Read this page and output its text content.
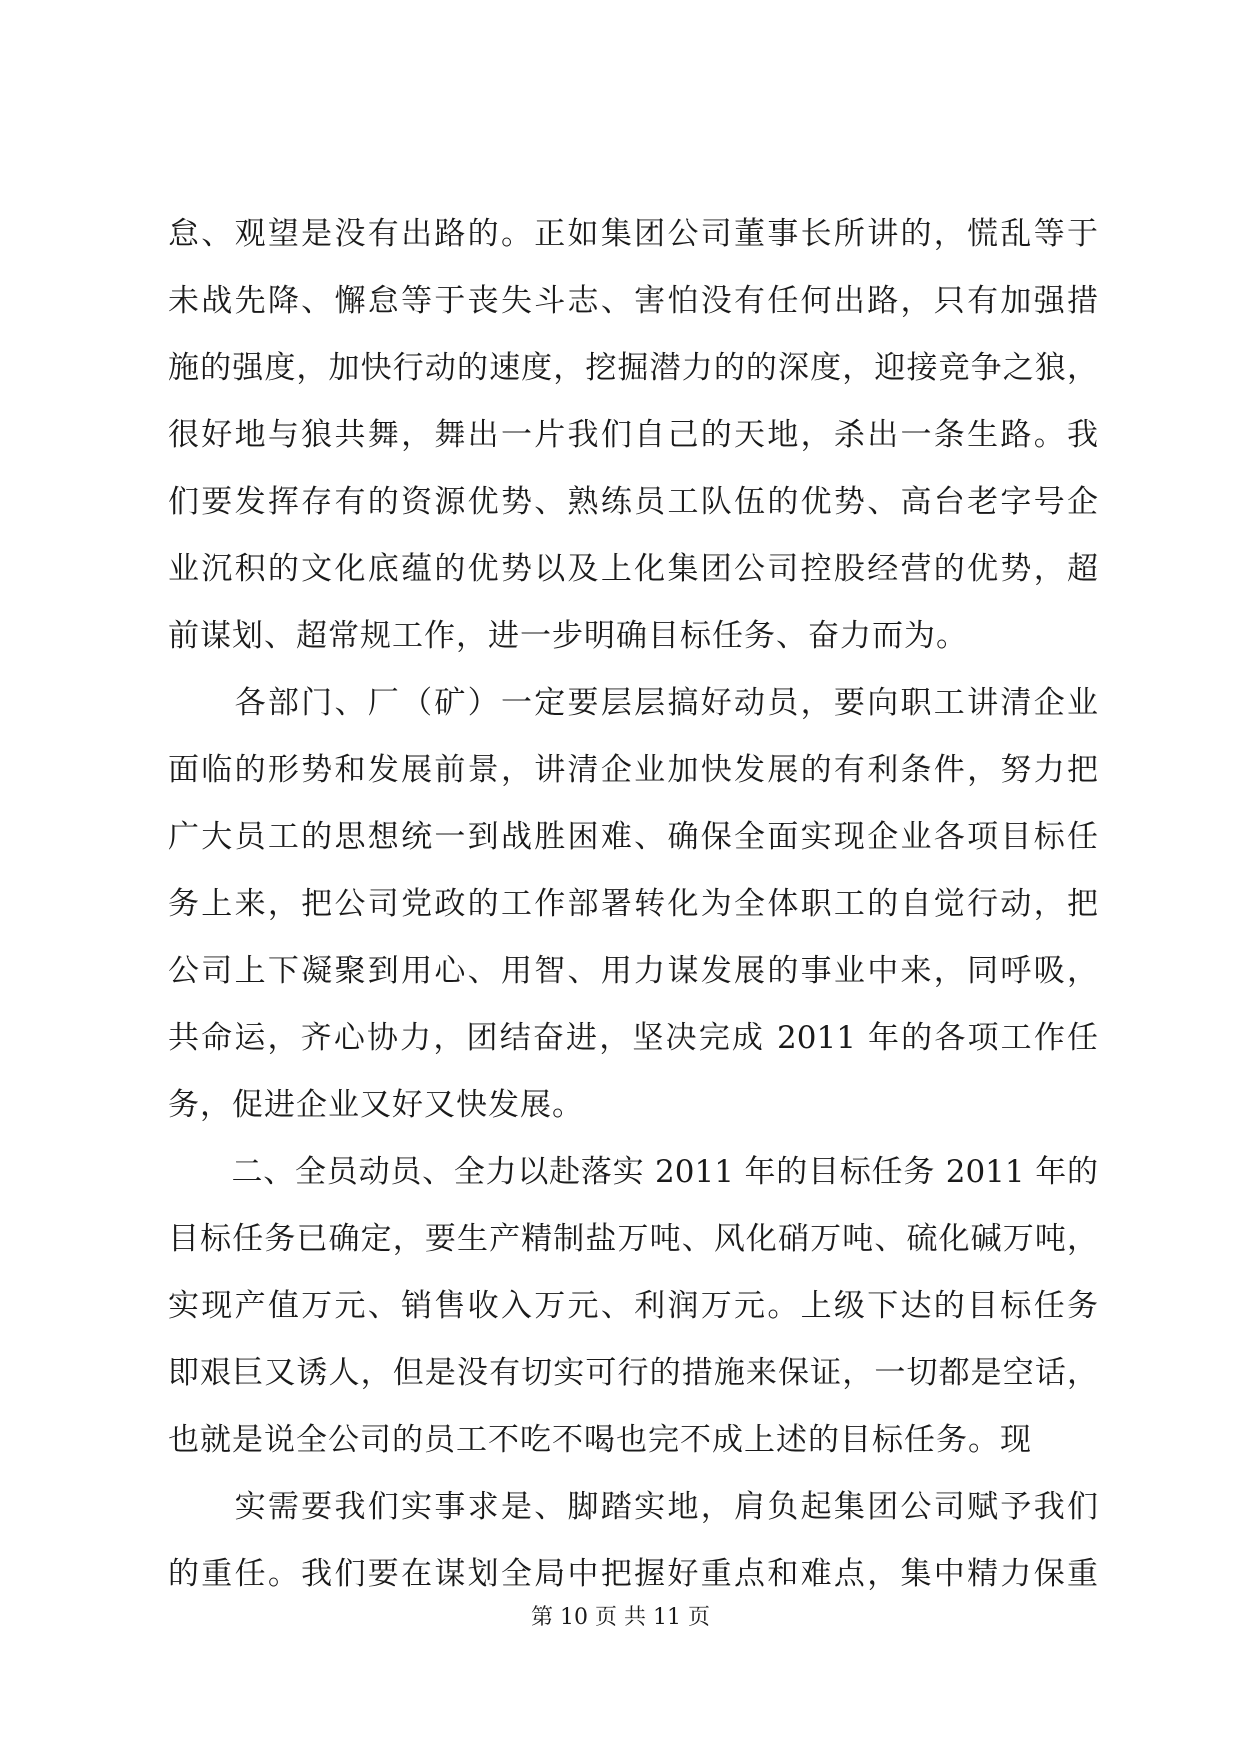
怠、观望是没有出路的。正如集团公司董事长所讲的，慌乱等于
未战先降、懈怠等于丧失斗志、害怕没有任何出路，只有加强措
施的强度，加快行动的速度，挖掘潜力的的深度，迎接竞争之狼，
很好地与狼共舞，舞出一片我们自己的天地，杀出一条生路。我
们要发挥存有的资源优势、熟练员工队伍的优势、高台老字号企
业沉积的文化底蕴的优势以及上化集团公司控股经营的优势，超
前谋划、超常规工作，进一步明确目标任务、奋力而为。
　　各部门、厂（矿）一定要层层搞好动员，要向职工讲清企业
面临的形势和发展前景，讲清企业加快发展的有利条件，努力把
广大员工的思想统一到战胜困难、确保全面实现企业各项目标任
务上来，把公司党政的工作部署转化为全体职工的自觉行动，把
公司上下凝聚到用心、用智、用力谋发展的事业中来，同呼吸，
共命运，齐心协力，团结奋进，坚决完成 2011 年的各项工作任
务，促进企业又好又快发展。
　　二、全员动员、全力以赴落实 2011 年的目标任务 2011 年的
目标任务已确定，要生产精制盐万吨、风化硝万吨、硫化碱万吨，
实现产值万元、销售收入万元、利润万元。上级下达的目标任务
即艰巨又诱人，但是没有切实可行的措施来保证，一切都是空话，
也就是说全公司的员工不吃不喝也完不成上述的目标任务。现
　　实需要我们实事求是、脚踏实地，肩负起集团公司赋予我们
的重任。我们要在谋划全局中把握好重点和难点，集中精力保重
第 10 页 共 11 页
